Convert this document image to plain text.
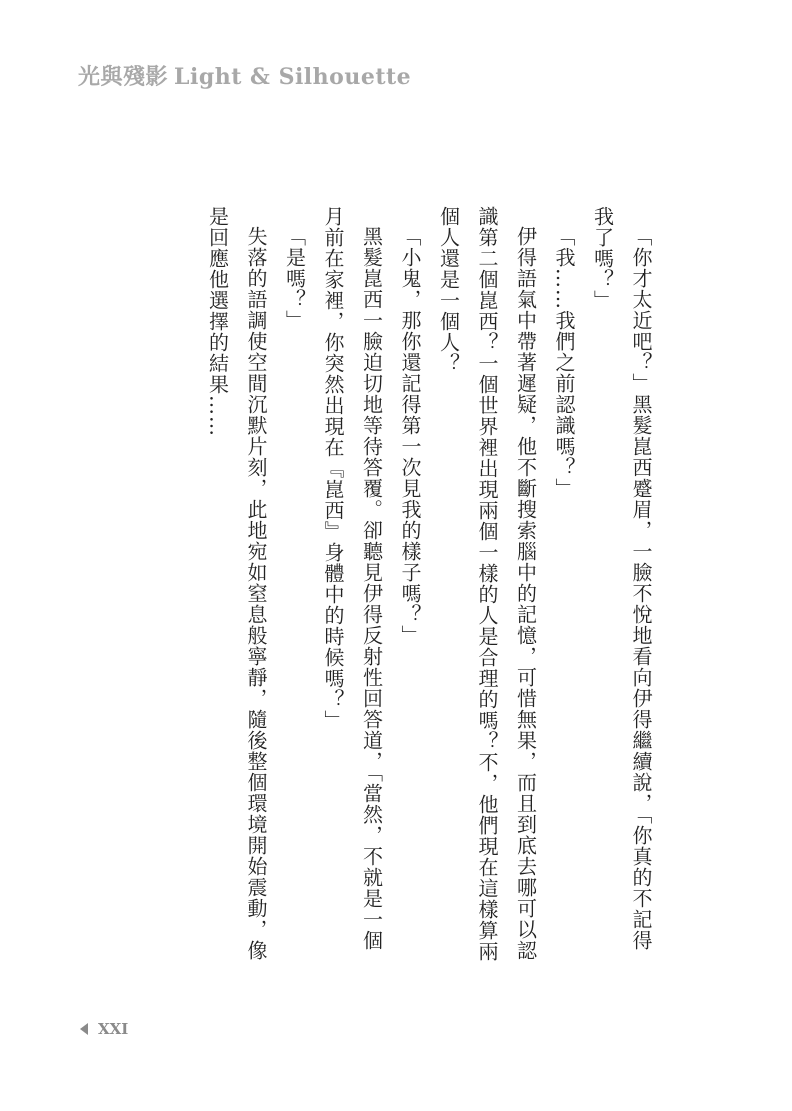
光與殘影 Light & Silhouette

「你才太近吧？」黑髮崑西蹙眉，一臉不悅地看向伊得繼續說，「你真的不記得我了嗎？」

「我……我們之前認識嗎？」

伊得語氣中帶著遲疑，他不斷搜索腦中的記憶，可惜無果，而且到底去哪可以認識第二個崑西？一個世界裡出現兩個一樣的人是合理的嗎？不，他們現在這樣算兩個人還是一個人？

「小鬼，那你還記得第一次見我的樣子嗎？」

黑髮崑西一臉迫切地等待答覆。卻聽見伊得反射性回答道，「當然，不就是一個月前在家裡，你突然出現在『崑西』身體中的時候嗎？」

「是嗎？」

失落的語調使空間沉默片刻，此地宛如窒息般寧靜，隨後整個環境開始震動，像是回應他選擇的結果……

XXI
